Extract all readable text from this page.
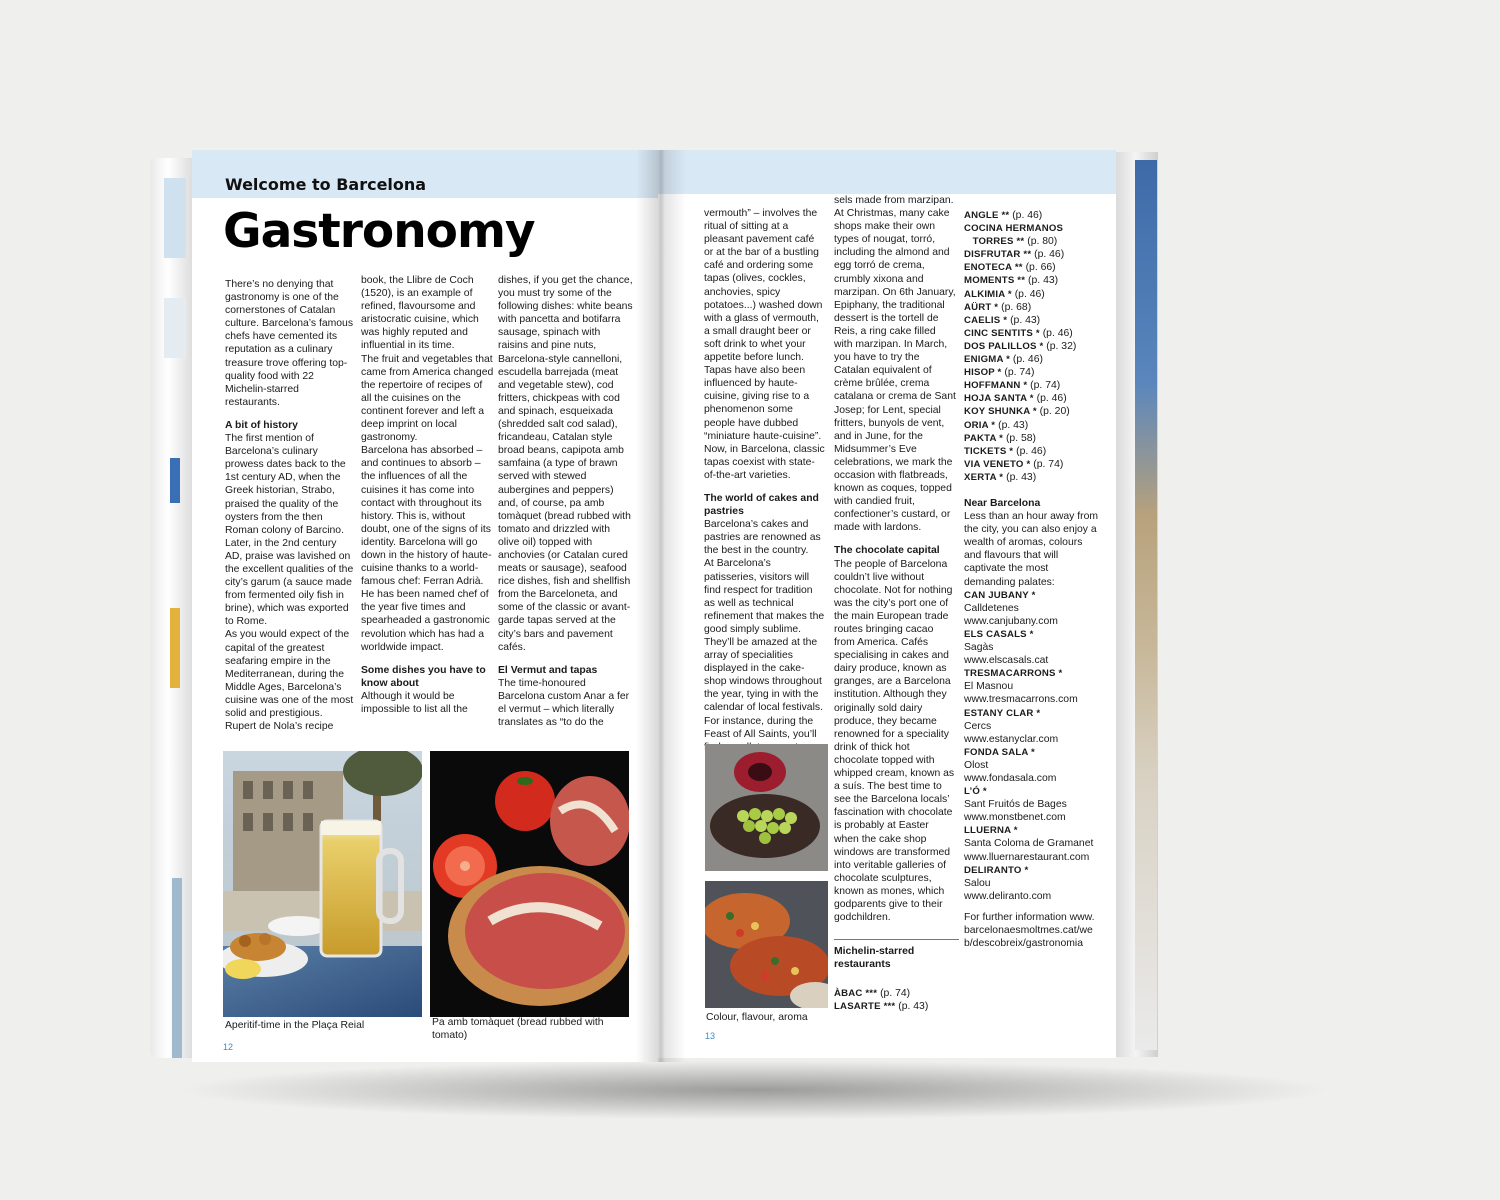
Welcome to Barcelona
Gastronomy

There’s no denying that gastronomy is one of the cornerstones of Catalan culture. Barcelona’s famous chefs have cemented its reputation as a culinary treasure trove offering top-quality food with 22 Michelin-starred restaurants.

A bit of history

The first mention of Barcelona’s culinary prowess dates back to the 1st century AD, when the Greek historian, Strabo, praised the quality of the oysters from the then Roman colony of Barcino. Later, in the 2nd century AD, praise was lavished on the excellent qualities of the city’s garum (a sauce made from fermented oily fish in brine), which was exported to Rome.

As you would expect of the capital of the greatest seafaring empire in the Mediterranean, during the Middle Ages, Barcelona’s cuisine was one of the most solid and prestigious. Rupert de Nola’s recipe

book, the Llibre de Coch (1520), is an example of refined, flavoursome and aristocratic cuisine, which was highly reputed and influential in its time.

The fruit and vegetables that came from America changed the repertoire of recipes of all the cuisines on the continent forever and left a deep imprint on local gastronomy.

Barcelona has absorbed – and continues to absorb – the influences of all the cuisines it has come into contact with throughout its history. This is, without doubt, one of the signs of its identity. Barcelona will go down in the history of haute-cuisine thanks to a world-famous chef: Ferran Adrià. He has been named chef of the year five times and spearheaded a gastronomic revolution which has had a worldwide impact.

Some dishes you have to know about

Although it would be impossible to list all the

dishes, if you get the chance, you must try some of the following dishes: white beans with pancetta and botifarra sausage, spinach with raisins and pine nuts, Barcelona-style cannelloni, escudella barrejada (meat and vegetable stew), cod fritters, chickpeas with cod and spinach, esqueixada (shredded salt cod salad), fricandeau, Catalan style broad beans, capipota amb samfaina (a type of brawn served with stewed aubergines and peppers) and, of course, pa amb tomàquet (bread rubbed with tomato and drizzled with olive oil) topped with anchovies (or Catalan cured meats or sausage), seafood rice dishes, fish and shellfish from the Barceloneta, and some of the classic or avant-garde tapas served at the city’s bars and pavement cafés.

El Vermut and tapas

The time-honoured Barcelona custom Anar a fer el vermut – which literally translates as “to do the

Aperitif-time in the Plaça Reial	Pa amb tomàquet (bread rubbed with tomato)
12

vermouth” – involves the ritual of sitting at a pleasant pavement café or at the bar of a bustling café and ordering some tapas (olives, cockles, anchovies, spicy potatoes...) washed down with a glass of vermouth, a small draught beer or soft drink to whet your appetite before lunch. Tapas have also been influenced by haute-cuisine, giving rise to a phenomenon some people have dubbed “miniature haute-cuisine”. Now, in Barcelona, classic tapas coexist with state-of-the-art varieties.

The world of cakes and pastries

Barcelona’s cakes and pastries are renowned as the best in the country.

At Barcelona’s patisseries, visitors will find respect for tradition as well as technical refinement that makes the good simply sublime. They’ll be amazed at the array of specialities displayed in the cake-shop windows throughout the year, tying in with the calendar of local festivals. For instance, during the Feast of All Saints, you’ll

sels made from marzipan. At Christmas, many cake shops make their own types of nougat, torró, including the almond and egg torró de crema, crumbly xixona and marzipan. On 6th January, Epiphany, the traditional dessert is the tortell de Reis, a ring cake filled with marzipan. In March, you have to try the Catalan equivalent of crème brûlée, crema catalana or crema de Sant Josep; for Lent, special fritters, bunyols de vent, and in June, for the Midsummer’s Eve celebrations, we mark the occasion with flatbreads, known as coques, topped with candied fruit, confectioner’s custard, or made with lardons.

The chocolate capital

The people of Barcelona couldn’t live without chocolate. Not for nothing was the city’s port one of the main European trade routes bringing cacao from America. Cafés specialising in cakes and dairy produce, known as granges, are a Barcelona institution. Although they originally sold dairy produce, they became renowned for a speciality drink of thick hot chocolate topped with whipped cream, known as a suís. The best time to see the Barcelona locals’ fascination with chocolate is probably at Easter when the cake shop windows are transformed into veritable galleries of chocolate sculptures, known as mones, which godparents give to their godchildren.

Michelin-starred restaurants
ÀBAC *** (p. 74)
LASARTE *** (p. 43)
ANGLE ** (p. 46)
COCINA HERMANOS
TORRES ** (p. 80)
DISFRUTAR ** (p. 46)
ENOTECA ** (p. 66)
MOMENTS ** (p. 43)
ALKIMIA * (p. 46)
AÜRT * (p. 68)
CAELIS * (p. 43)
CINC SENTITS * (p. 46)
DOS PALILLOS * (p. 32)
ENIGMA * (p. 46)
HISOP * (p. 74)
HOFFMANN * (p. 74)
HOJA SANTA * (p. 46)
KOY SHUNKA * (p. 20)
ORIA * (p. 43)
PAKTA * (p. 58)
TICKETS * (p. 46)
VIA VENETO * (p. 74)
XERTA * (p. 43)
Near Barcelona
Less than an hour away from the city, you can also enjoy a wealth of aromas, colours and flavours that will captivate the most demanding palates:
CAN JUBANY *
Calldetenes
www.canjubany.com
ELS CASALS *
Sagàs
www.elscasals.cat
TRESMACARRONS *
El Masnou
www.tresmacarrons.com
ESTANY CLAR *
Cercs
www.estanyclar.com
FONDA SALA *
Olost
www.fondasala.com
L’Ó *
Sant Fruitós de Bages
www.monstbenet.com
LLUERNA *
Santa Coloma de Gramanet
www.lluernarestaurant.com
DELIRANTO *
Salou
www.deliranto.com
For further information www.barcelonaesmoltmes.cat/web/descobreix/gastronomia
Colour, flavour, aroma
13
